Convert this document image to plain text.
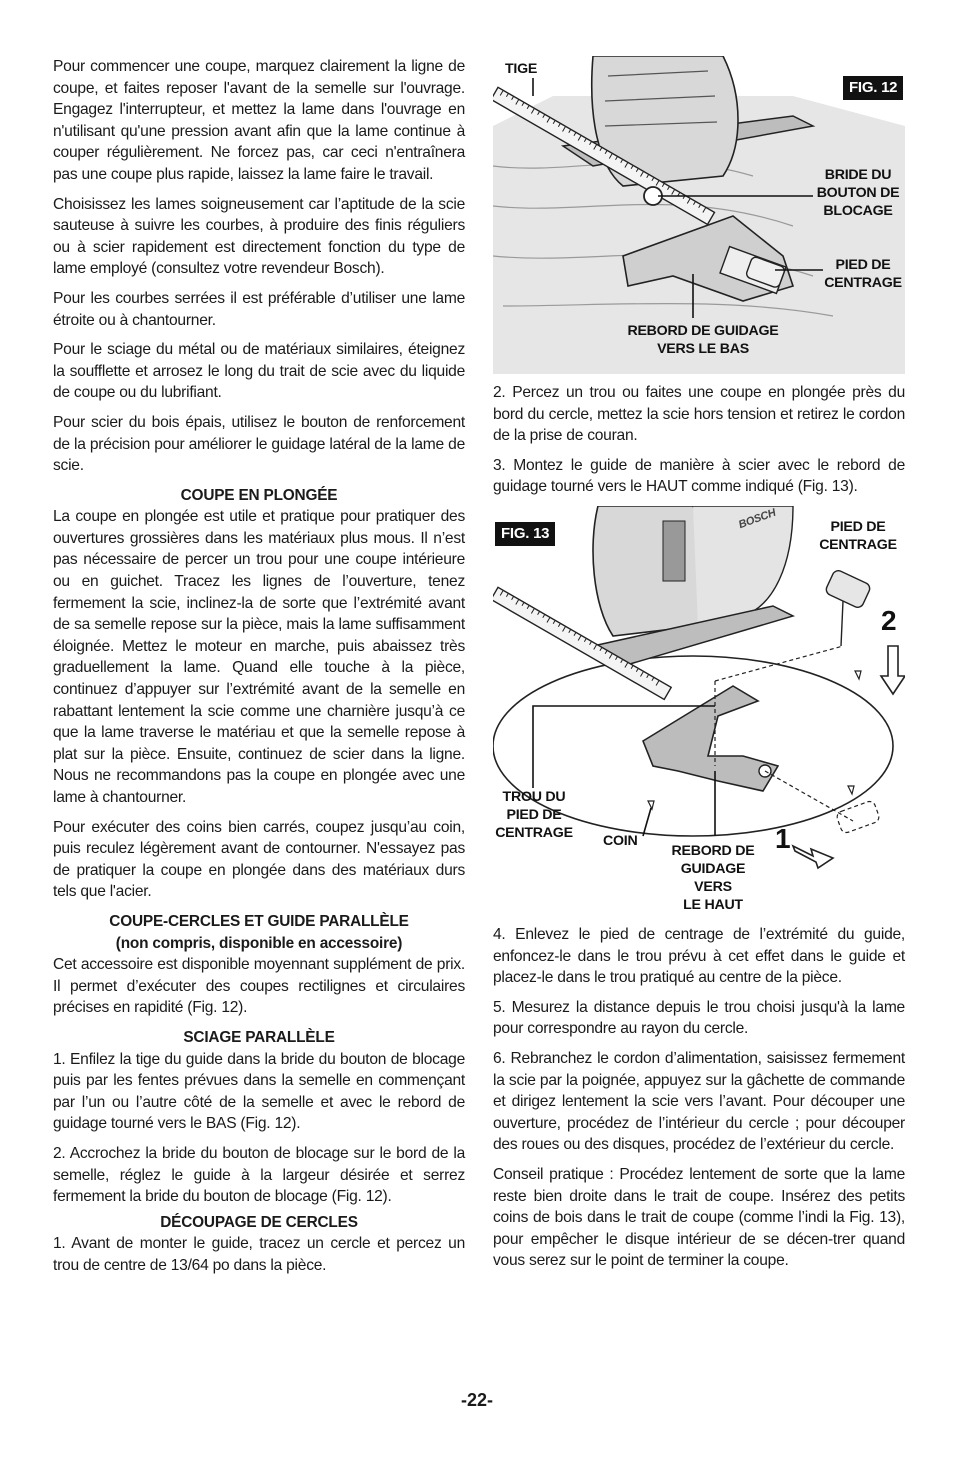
Pour commencer une coupe, marquez clairement la ligne de coupe, et faites reposer l'avant de la semelle sur l'ouvrage. Engagez l'interrupteur, et mettez la lame dans l'ouvrage en n'utilisant qu'une pression avant afin que la lame continue à couper régulièrement. Ne forcez pas, car ceci n'entraînera pas une coupe plus rapide, laissez la lame faire le travail.

Choisissez les lames soigneusement car l’aptitude de la scie sauteuse à suivre les courbes, à produire des finis réguliers ou à scier rapidement est directement fonction du type de lame employé (consultez votre revendeur Bosch).

Pour les courbes serrées il est préférable d’utiliser une lame étroite ou à chantourner.

Pour le sciage du métal ou de matériaux similaires, éteignez la soufflette et arrosez le long du trait de scie avec du liquide de coupe ou du lubrifiant.

Pour scier du bois épais, utilisez le bouton de renforcement de la précision pour améliorer le guidage latéral de la lame de scie.

COUPE EN PLONGÉE

La coupe en plongée est utile et pratique pour pratiquer des ouvertures grossières dans les matériaux plus mous. Il n’est pas nécessaire de percer un trou pour une coupe intérieure ou en guichet. Tracez les lignes de l’ouverture, tenez fermement la scie, inclinez-la de sorte que l’extrémité avant de sa semelle repose sur la pièce, mais la lame suffisamment éloignée. Mettez le moteur en marche, puis abaissez très graduellement la lame. Quand elle touche à la pièce, continuez d’appuyer sur l’extrémité avant de la semelle en rabattant lentement la scie comme une charnière jusqu’à ce que la lame traverse le matériau et que la semelle repose à plat sur la pièce. Ensuite, continuez de scier dans la ligne. Nous ne recommandons pas la coupe en plongée avec une lame à chantourner.

Pour exécuter des coins bien carrés, coupez jusqu’au coin, puis reculez légèrement avant de contourner. N'essayez pas de pratiquer la coupe en plongée dans des matériaux durs tels que l'acier.

COUPE-CERCLES ET GUIDE PARALLÈLE
(non compris, disponible en accessoire)

Cet accessoire est disponible moyennant supplément de prix. Il permet d’exécuter des coupes rectilignes et circulaires précises en rapidité (Fig. 12).

SCIAGE PARALLÈLE

1. Enfilez la tige du guide dans la bride du bouton de blocage puis par les fentes prévues dans la semelle en commençant par l’un ou l’autre côté de la semelle et avec le rebord de guidage tourné vers le BAS (Fig. 12).

2. Accrochez la bride du bouton de blocage sur le bord de la semelle, réglez le guide à la largeur désirée et serrez fermement la bride du bouton de blocage (Fig. 12).

DÉCOUPAGE DE CERCLES

1. Avant de monter le guide, tracez un cercle et percez un trou de centre de 13/64 po dans la pièce.

FIG. 12
TIGE
BRIDE DU
BOUTON DE
BLOCAGE
PIED DE
CENTRAGE
REBORD DE GUIDAGE
VERS LE BAS

2. Percez un trou ou faites une coupe en plongée près du bord du cercle, mettez la scie hors tension et retirez le cordon de la prise de couran.

3. Montez le guide de manière à scier avec le rebord de guidage tourné vers le HAUT comme indiqué (Fig. 13).

FIG. 13
BOSCH	PIED DE
CENTRAGE
TROU DU
PIED DE
CENTRAGE COIN
REBORD DE
GUIDAGE VERS
LE HAUT
1
2

4. Enlevez le pied de centrage de l’extrémité du guide, enfoncez-le dans le trou prévu à cet effet dans le guide et placez-le dans le trou pratiqué au centre de la pièce.

5. Mesurez la distance depuis le trou choisi jusqu'à la lame pour correspondre au rayon du cercle.

6. Rebranchez le cordon d’alimentation, saisissez fermement la scie par la poignée, appuyez sur la gâchette de commande et dirigez lentement la scie vers l’avant. Pour découper une ouverture, procédez de l’intérieur du cercle ; pour découper des roues ou des disques, procédez de l’extérieur du cercle.

Conseil pratique : Procédez lentement de sorte que la lame reste bien droite dans le trait de coupe. Insérez des petits coins de bois dans le trait de coupe (comme l’indi la Fig. 13), pour empêcher le disque intérieur de se décen-trer quand vous serez sur le point de terminer la coupe.

-22-
